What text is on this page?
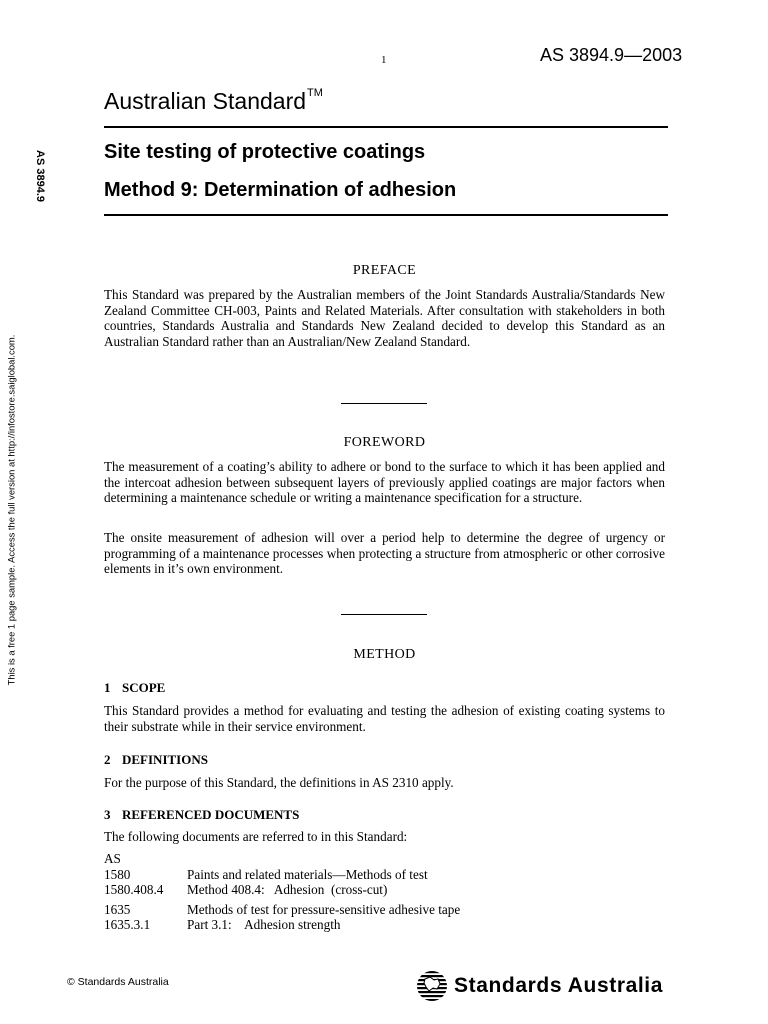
1	AS 3894.9—2003
Australian Standard™
Site testing of protective coatings
Method 9: Determination of adhesion
AS 3894.9
This is a free 1 page sample. Access the full version at http://infostore.saiglobal.com.
PREFACE

This Standard was prepared by the Australian members of the Joint Standards Australia/Standards New Zealand Committee CH-003, Paints and Related Materials. After consultation with stakeholders in both countries, Standards Australia and Standards New Zealand decided to develop this Standard as an Australian Standard rather than an Australian/New Zealand Standard.

FOREWORD

The measurement of a coating’s ability to adhere or bond to the surface to which it has been applied and the intercoat adhesion between subsequent layers of previously applied coatings are major factors when determining a maintenance schedule or writing a maintenance specification for a structure.

The onsite measurement of adhesion will over a period help to determine the degree of urgency or programming of a maintenance processes when protecting a structure from atmospheric or other corrosive elements in it’s own environment.

METHOD
1 SCOPE

This Standard provides a method for evaluating and testing the adhesion of existing coating systems to their substrate while in their service environment.

2 DEFINITIONS

For the purpose of this Standard, the definitions in AS 2310 apply.

3 REFERENCED DOCUMENTS

The following documents are referred to in this Standard:

AS
1580	Paints and related materials—Methods of test
1580.408.4	Method 408.4:   Adhesion  (cross-cut)
1635	Methods of test for pressure-sensitive adhesive tape
1635.3.1	Part 3.1:    Adhesion strength
© Standards Australia	Standards Australia
